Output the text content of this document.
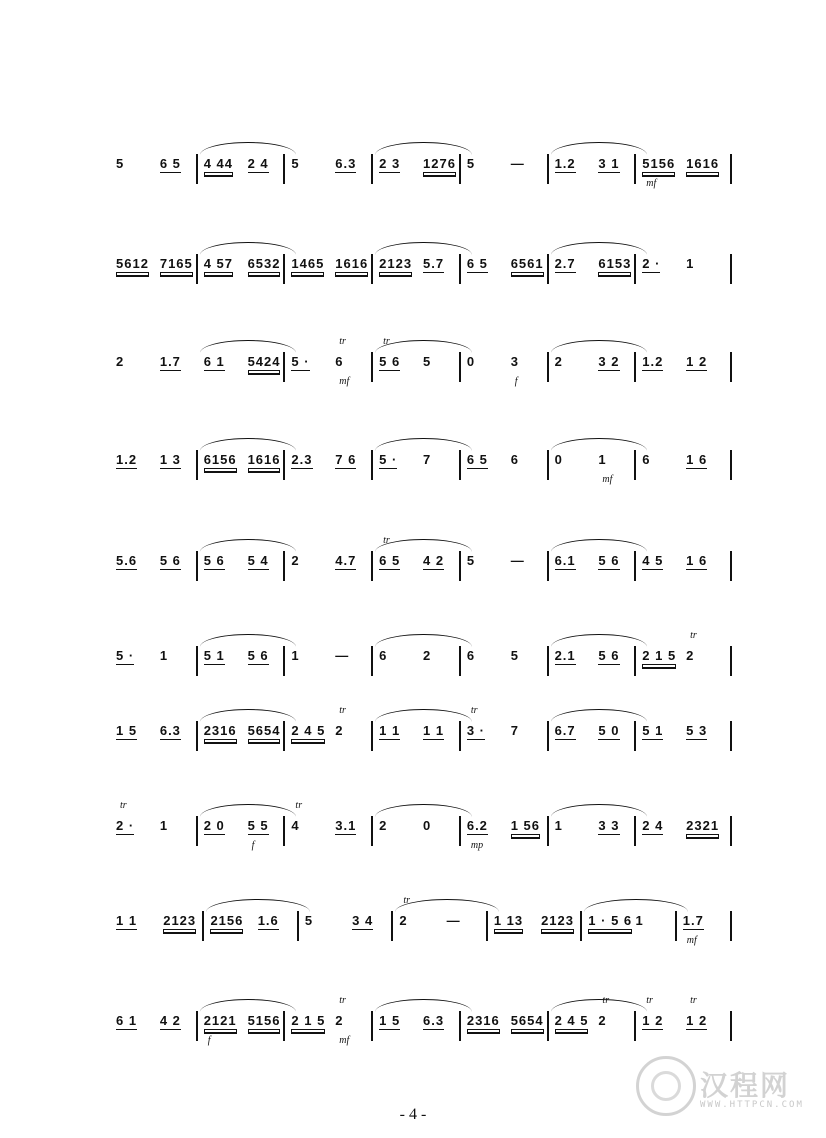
5	6 5 4 44 2 4 5	6.3 2 3 1276 5	— 1.2 3 1 5156 1616
mf
5612 7165 4 57 6532 1465 1616 2123 5.7 6 5 6561 2.7 6153 2 · 1
2	1.7 6 1 5424 5 · 6	5 6 5	0	3	2	3 2 1.2 1 2
tr	tr
mf	f
1.2 1 3 6156 1616 2.3 7 6 5 · 7	6 5 6	0	1	6	1 6
mf
5.6 5 6 5 6 5 4 2	4.7 6 5 4 2 5	— 6.1 5 6 4 5 1 6
tr
5 · 1	5 1 5 6 1	— 6	2	6	5	2.1 5 6 2 1 5 2
tr
1 5 6.3 2316 5654 2 4 5 2	1 1 1 1 3 · 7	6.7 5 0 5 1 5 3
tr	tr
2 · 1	2 0 5 5 4	3.1 2	0	6.2 1 56 1	3 3 2 4 2321
tr	tr
f	mp
1 1 2123 2156 1.6 5	3 4 2	—	1 13 2123 1 · 5 6 1	1.7
tr
mf
6 1 4 2 2121 5156 2 1 5 2	1 5 6.3 2316 5654 2 4 5 2	1 2 1 2
f	mf
tr	tr	tr	tr
- 4 -
汉程网
WWW.HTTPCN.COM
